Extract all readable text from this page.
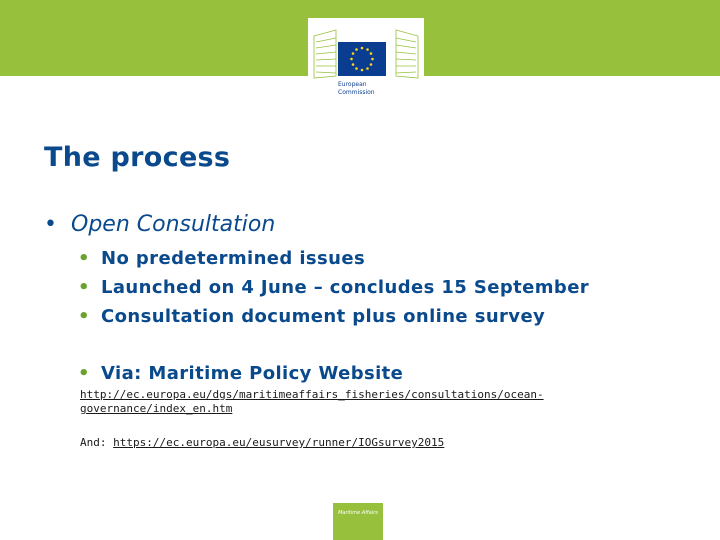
European
Commission
The process
• Open Consultation
• No predetermined issues
• Launched on 4 June – concludes 15 September
• Consultation document plus online survey
• Via: Maritime Policy Website
http://ec.europa.eu/dgs/maritimeaffairs_fisheries/consultations/ocean-governance/index_en.htm
And: https://ec.europa.eu/eusurvey/runner/IOGsurvey2015
Maritime Affairs
